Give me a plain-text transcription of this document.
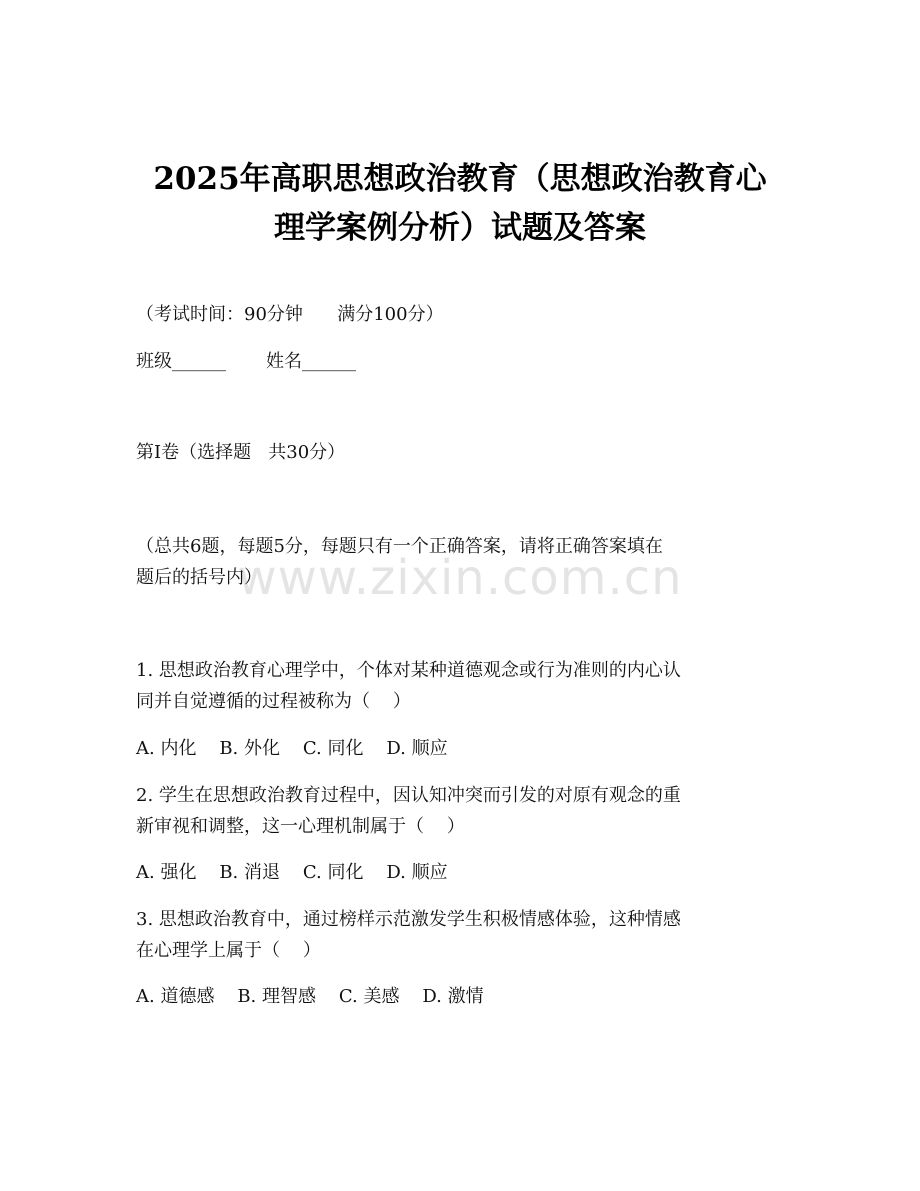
2025年高职思想政治教育（思想政治教育心
理学案例分析）试题及答案
（考试时间：90分钟      满分100分）
班级______       姓名______
第I卷（选择题   共30分）
（总共6题，每题5分，每题只有一个正确答案，请将正确答案填在
题后的括号内）
www.zixin.com.cn
1. 思想政治教育心理学中，个体对某种道德观念或行为准则的内心认
同并自觉遵循的过程被称为（    ）
A. 内化    B. 外化    C. 同化    D. 顺应
2. 学生在思想政治教育过程中，因认知冲突而引发的对原有观念的重
新审视和调整，这一心理机制属于（    ）
A. 强化    B. 消退    C. 同化    D. 顺应
3. 思想政治教育中，通过榜样示范激发学生积极情感体验，这种情感
在心理学上属于（    ）
A. 道德感    B. 理智感    C. 美感    D. 激情
